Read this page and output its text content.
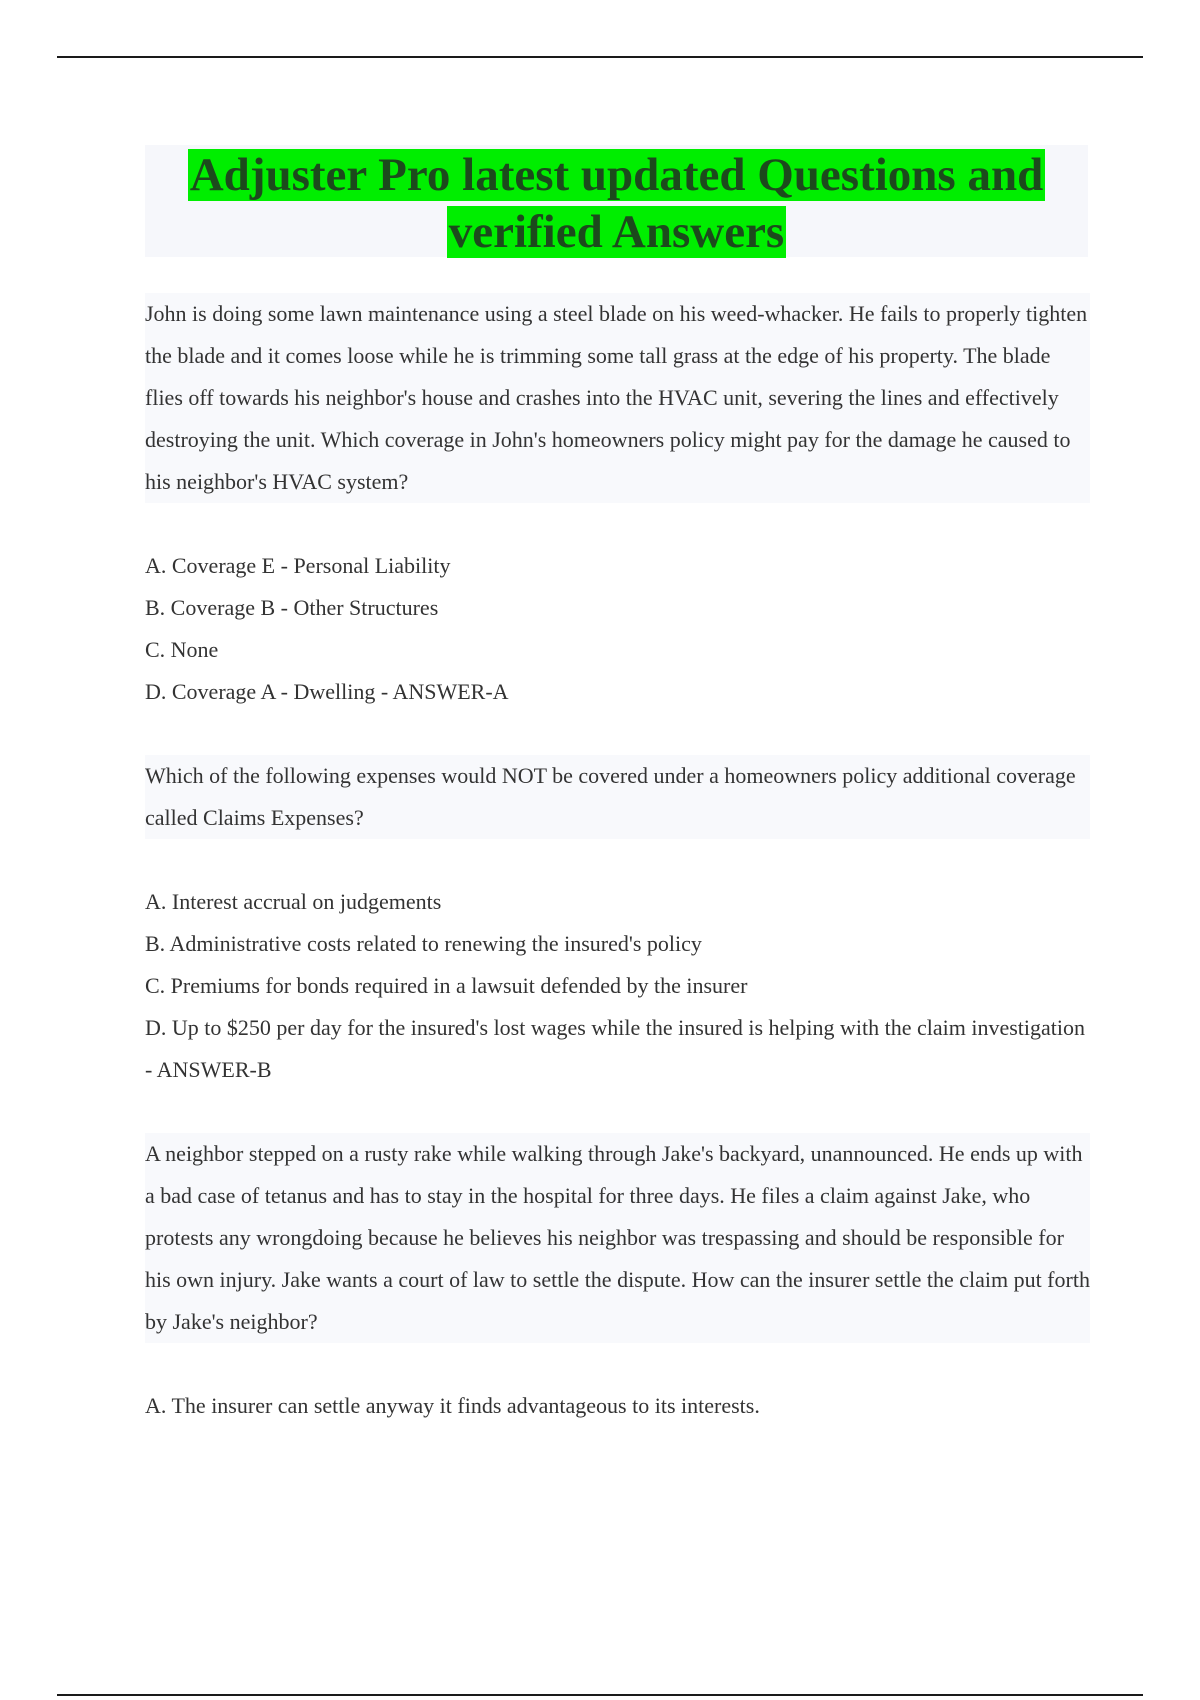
Adjuster Pro latest updated Questions and
verified Answers

John is doing some lawn maintenance using a steel blade on his weed-whacker. He fails to properly tighten the blade and it comes loose while he is trimming some tall grass at the edge of his property. The blade flies off towards his neighbor's house and crashes into the HVAC unit, severing the lines and effectively destroying the unit. Which coverage in John's homeowners policy might pay for the damage he caused to his neighbor's HVAC system?

A. Coverage E - Personal Liability
B. Coverage B - Other Structures
C. None
D. Coverage A - Dwelling - ANSWER-A

Which of the following expenses would NOT be covered under a homeowners policy additional coverage called Claims Expenses?

A. Interest accrual on judgements
B. Administrative costs related to renewing the insured's policy
C. Premiums for bonds required in a lawsuit defended by the insurer
D. Up to $250 per day for the insured's lost wages while the insured is helping with the claim investigation - ANSWER-B

A neighbor stepped on a rusty rake while walking through Jake's backyard, unannounced. He ends up with a bad case of tetanus and has to stay in the hospital for three days. He files a claim against Jake, who protests any wrongdoing because he believes his neighbor was trespassing and should be responsible for his own injury. Jake wants a court of law to settle the dispute. How can the insurer settle the claim put forth by Jake's neighbor?

A. The insurer can settle anyway it finds advantageous to its interests.
